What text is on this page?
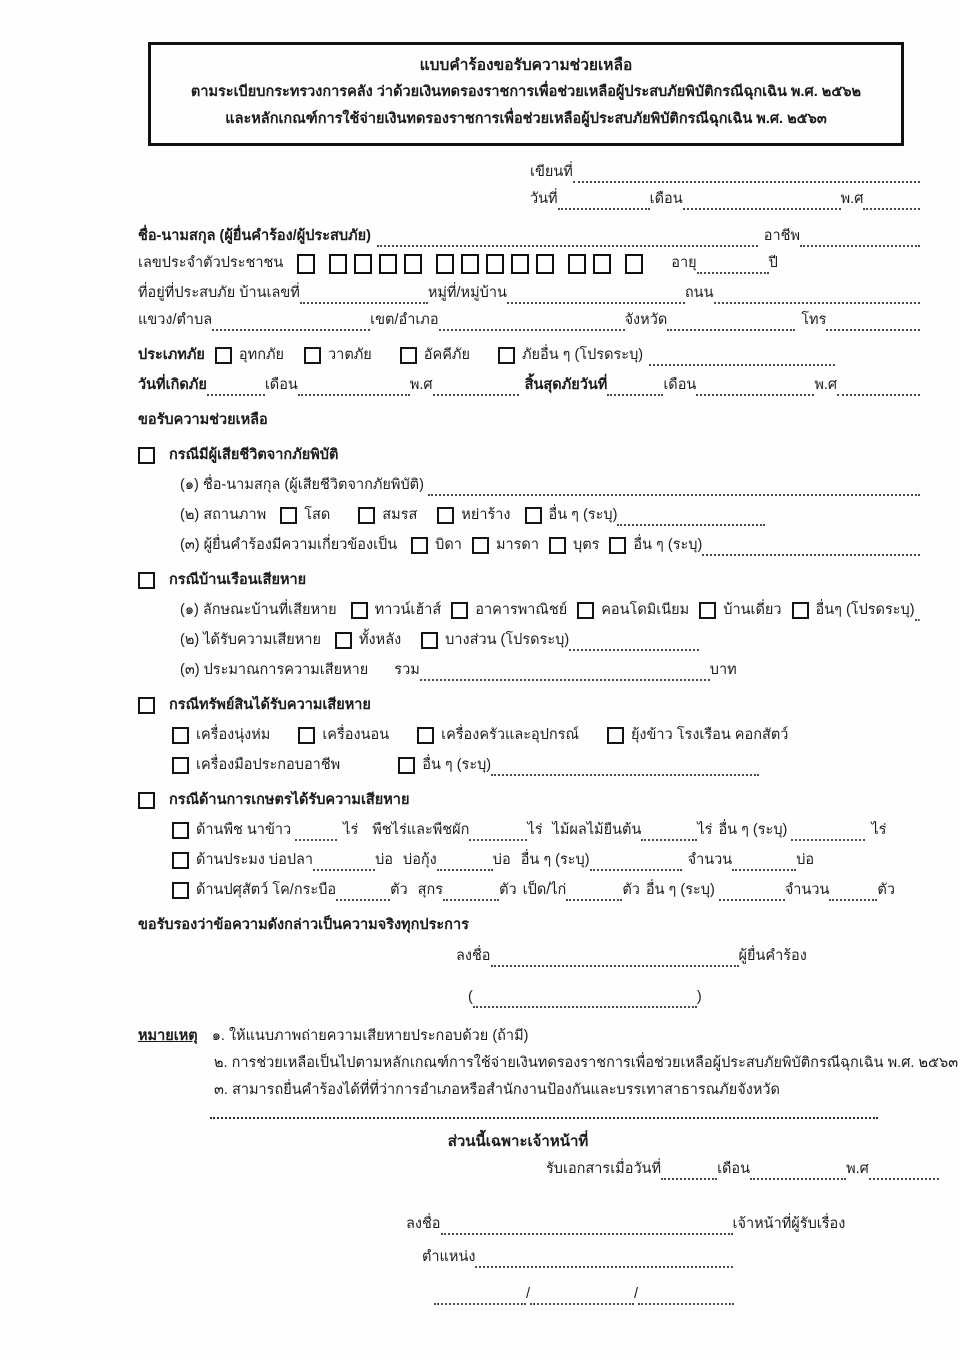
แบบคำร้องขอรับความช่วยเหลือ
ตามระเบียบกระทรวงการคลัง ว่าด้วยเงินทดรองราชการเพื่อช่วยเหลือผู้ประสบภัยพิบัติกรณีฉุกเฉิน พ.ศ. ๒๕๖๒
และหลักเกณฑ์การใช้จ่ายเงินทดรองราชการเพื่อช่วยเหลือผู้ประสบภัยพิบัติกรณีฉุกเฉิน พ.ศ. ๒๕๖๓
เขียนที่
วันที่	เดือน	พ.ศ
ชื่อ-นามสกุล (ผู้ยื่นคำร้อง/ผู้ประสบภัย)	อาชีพ
เลขประจำตัวประชาชน	อายุ	ปี
ที่อยู่ที่ประสบภัย บ้านเลขที่	หมู่ที่/หมู่บ้าน	ถนน
แขวง/ตำบล	เขต/อำเภอ	จังหวัด	โทร
ประเภทภัย อุทกภัย	วาตภัย	อัคคีภัย	ภัยอื่น ๆ (โปรดระบุ)
วันที่เกิดภัย	เดือน	พ.ศ	สิ้นสุดภัยวันที่	เดือน	พ.ศ
ขอรับความช่วยเหลือ
กรณีมีผู้เสียชีวิตจากภัยพิบัติ
(๑) ชื่อ-นามสกุล (ผู้เสียชีวิตจากภัยพิบัติ)
(๒) สถานภาพ	โสด	สมรส	หย่าร้าง	อื่น ๆ (ระบุ)
(๓) ผู้ยื่นคำร้องมีความเกี่ยวข้องเป็น	บิดา มารดา บุตร อื่น ๆ (ระบุ)
กรณีบ้านเรือนเสียหาย
(๑) ลักษณะบ้านที่เสียหาย	ทาวน์เฮ้าส์ อาคารพาณิชย์ คอนโดมิเนียม บ้านเดี่ยว อื่นๆ (โปรดระบุ)
(๒) ได้รับความเสียหาย	ทั้งหลัง	บางส่วน (โปรดระบุ)
(๓) ประมาณการความเสียหาย รวม	บาท
กรณีทรัพย์สินได้รับความเสียหาย
เครื่องนุ่งห่ม	เครื่องนอน	เครื่องครัวและอุปกรณ์	ยุ้งข้าว โรงเรือน คอกสัตว์
เครื่องมือประกอบอาชีพ	อื่น ๆ (ระบุ)
กรณีด้านการเกษตรได้รับความเสียหาย
ด้านพืช นาข้าว	ไร่ พืชไร่และพืชผัก	ไร่ ไม้ผลไม้ยืนต้น	ไร่ อื่น ๆ (ระบุ)	ไร่
ด้านประมง บ่อปลา	บ่อ บ่อกุ้ง	บ่อ อื่น ๆ (ระบุ)	จำนวน	บ่อ
ด้านปศุสัตว์ โค/กระบือ	ตัว สุกร	ตัว เป็ด/ไก่	ตัว อื่น ๆ (ระบุ)	จำนวน	ตัว
ขอรับรองว่าข้อความดังกล่าวเป็นความจริงทุกประการ
ลงชื่อ	ผู้ยื่นคำร้อง
(	)
หมายเหตุ ๑. ให้แนบภาพถ่ายความเสียหายประกอบด้วย (ถ้ามี)
๒. การช่วยเหลือเป็นไปตามหลักเกณฑ์การใช้จ่ายเงินทดรองราชการเพื่อช่วยเหลือผู้ประสบภัยพิบัติกรณีฉุกเฉิน พ.ศ. ๒๕๖๓
๓. สามารถยื่นคำร้องได้ที่ที่ว่าการอำเภอหรือสำนักงานป้องกันและบรรเทาสาธารณภัยจังหวัด
ส่วนนี้เฉพาะเจ้าหน้าที่
รับเอกสารเมื่อวันที่	เดือน	พ.ศ
ลงชื่อ	เจ้าหน้าที่ผู้รับเรื่อง
ตำแหน่ง
/	/
